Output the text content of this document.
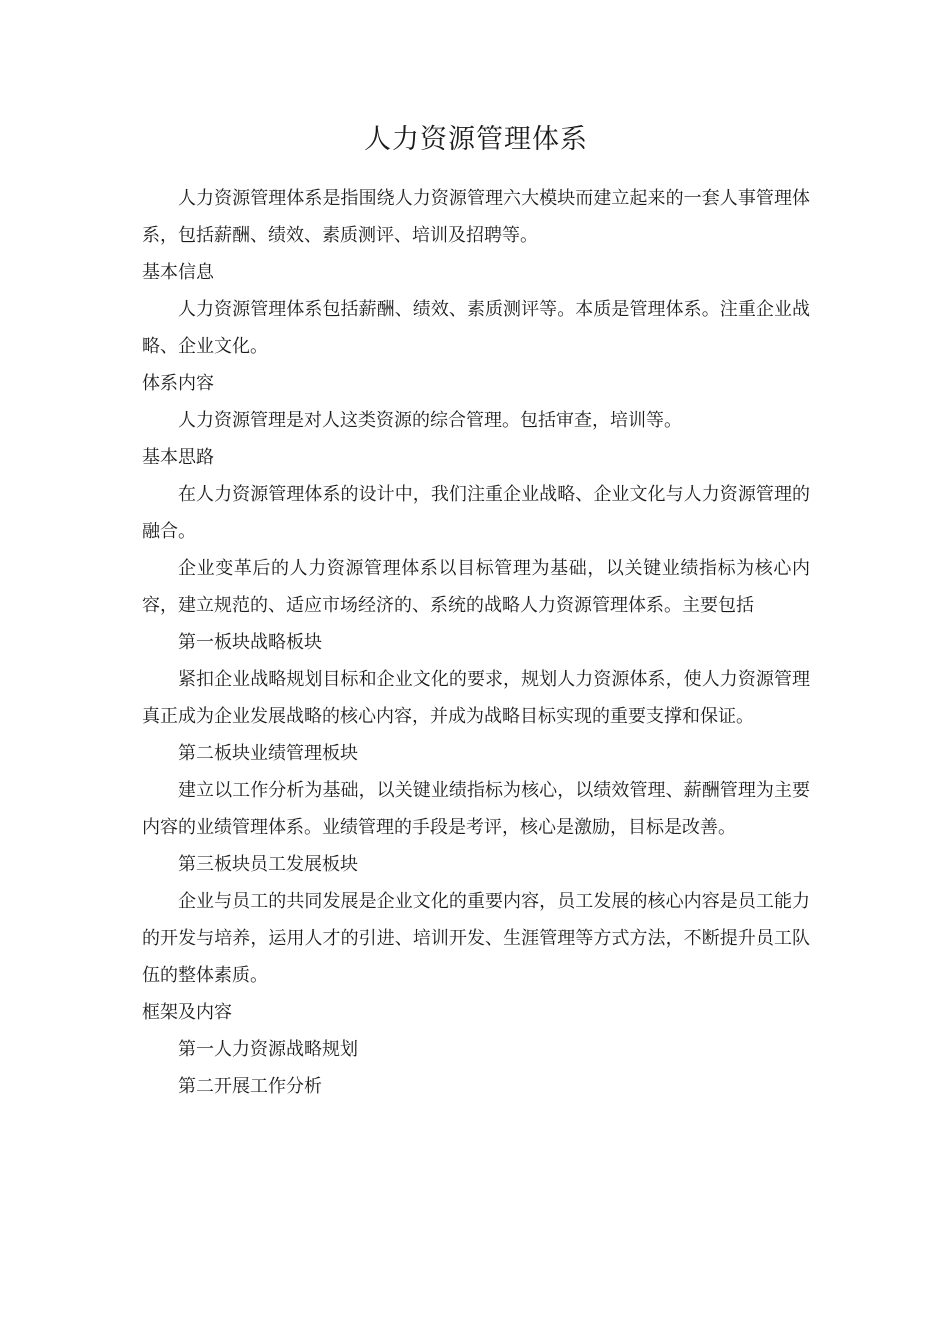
人力资源管理体系

人力资源管理体系是指围绕人力资源管理六大模块而建立起来的一套人事管理体系，包括薪酬、绩效、素质测评、培训及招聘等。

基本信息

人力资源管理体系包括薪酬、绩效、素质测评等。本质是管理体系。注重企业战略、企业文化。

体系内容

人力资源管理是对人这类资源的综合管理。包括审查，培训等。

基本思路

在人力资源管理体系的设计中，我们注重企业战略、企业文化与人力资源管理的融合。

企业变革后的人力资源管理体系以目标管理为基础，以关键业绩指标为核心内容，建立规范的、适应市场经济的、系统的战略人力资源管理体系。主要包括

第一板块战略板块

紧扣企业战略规划目标和企业文化的要求，规划人力资源体系，使人力资源管理真正成为企业发展战略的核心内容，并成为战略目标实现的重要支撑和保证。

第二板块业绩管理板块

建立以工作分析为基础，以关键业绩指标为核心，以绩效管理、薪酬管理为主要内容的业绩管理体系。业绩管理的手段是考评，核心是激励，目标是改善。

第三板块员工发展板块

企业与员工的共同发展是企业文化的重要内容，员工发展的核心内容是员工能力的开发与培养，运用人才的引进、培训开发、生涯管理等方式方法，不断提升员工队伍的整体素质。

框架及内容

第一人力资源战略规划

第二开展工作分析
